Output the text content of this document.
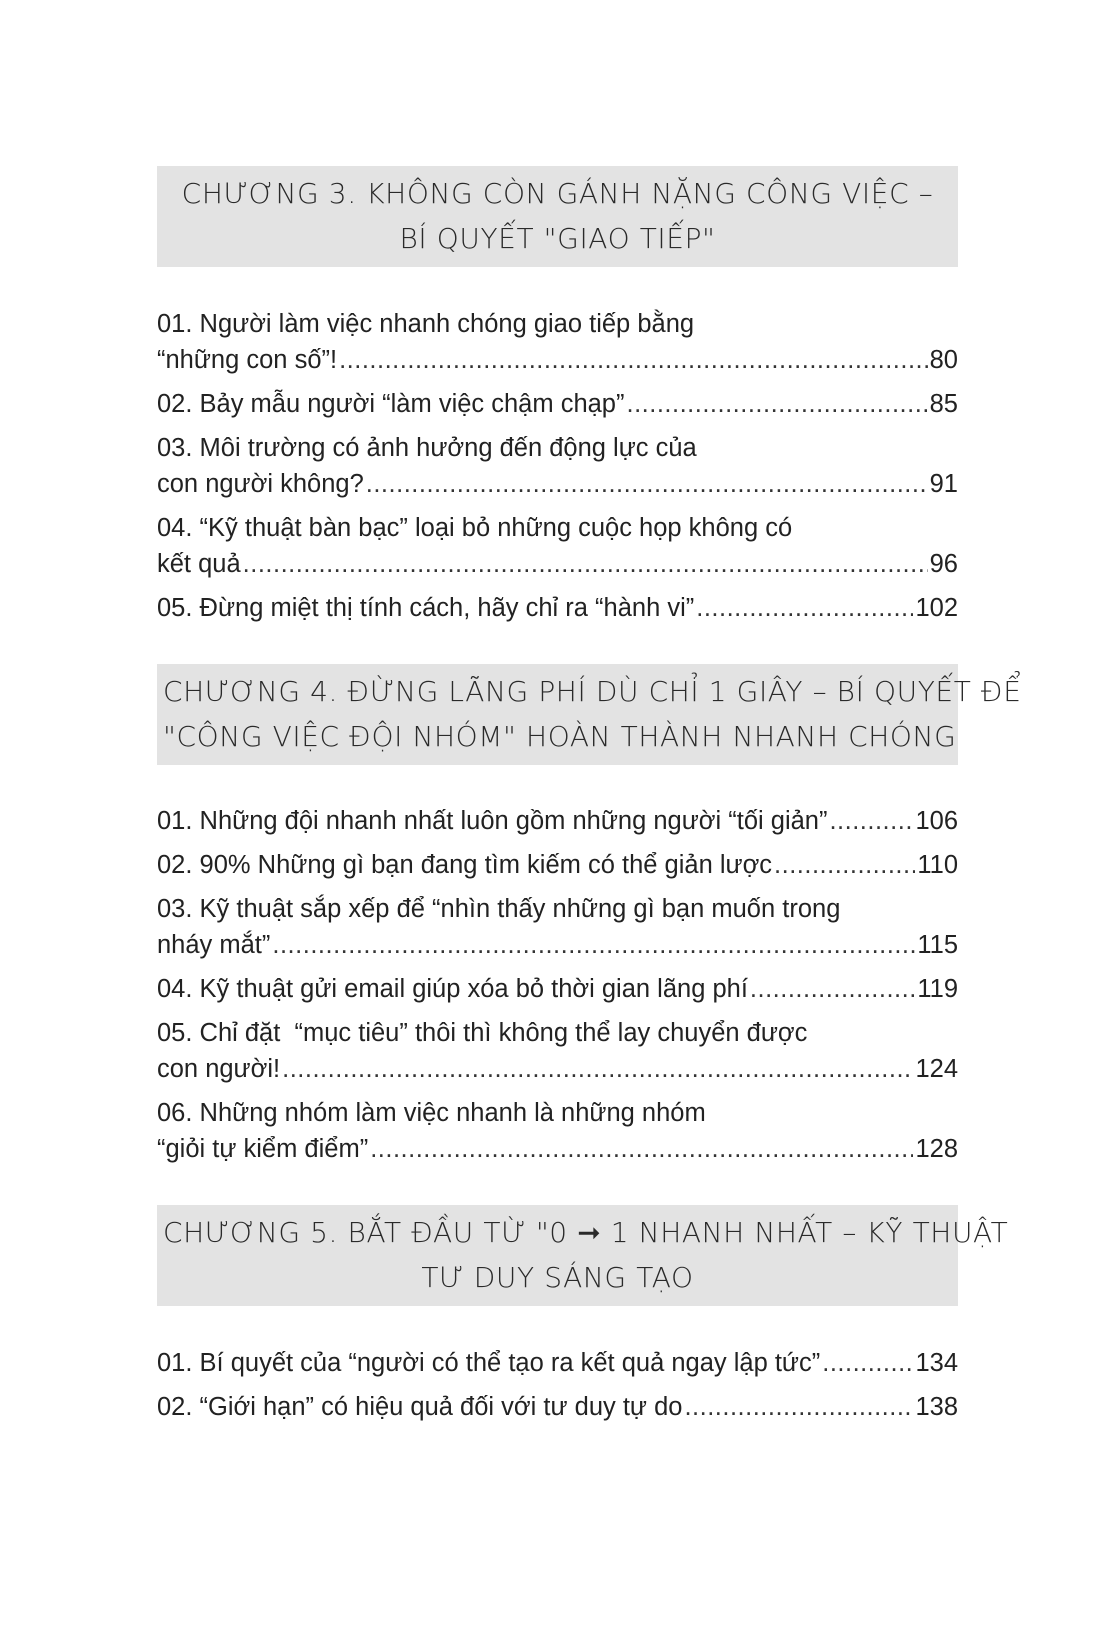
CHƯƠNG 3. KHÔNG CÒN GÁNH NẶNG CÔNG VIỆC –
BÍ QUYẾT "GIAO TIẾP"
01. Người làm việc nhanh chóng giao tiếp bằng
“những con số”! .....	80
02. Bảy mẫu người “làm việc chậm chạp” .....	85
03. Môi trường có ảnh hưởng đến động lực của
con người không? .....	91
04. “Kỹ thuật bàn bạc” loại bỏ những cuộc họp không có
kết quả .....	96
05. Đừng miệt thị tính cách, hãy chỉ ra “hành vi” .....	102
CHƯƠNG 4. ĐỪNG LÃNG PHÍ DÙ CHỈ 1 GIÂY – BÍ QUYẾT ĐỂ
"CÔNG VIỆC ĐỘI NHÓM" HOÀN THÀNH NHANH CHÓNG
01. Những đội nhanh nhất luôn gồm những người “tối giản” .....	106
02. 90% Những gì bạn đang tìm kiếm có thể giản lược .....	110
03. Kỹ thuật sắp xếp để “nhìn thấy những gì bạn muốn trong
nháy mắt” .....	115
04. Kỹ thuật gửi email giúp xóa bỏ thời gian lãng phí .....	119
05. Chỉ đặt  “mục tiêu” thôi thì không thể lay chuyển được
con người! .....	124
06. Những nhóm làm việc nhanh là những nhóm
“giỏi tự kiểm điểm” .....	128
CHƯƠNG 5. BẮT ĐẦU TỪ "0 ➞ 1 NHANH NHẤT – KỸ THUẬT
TƯ DUY SÁNG TẠO
01. Bí quyết của “người có thể tạo ra kết quả ngay lập tức” .....	134
02. “Giới hạn” có hiệu quả đối với tư duy tự do .....	138
